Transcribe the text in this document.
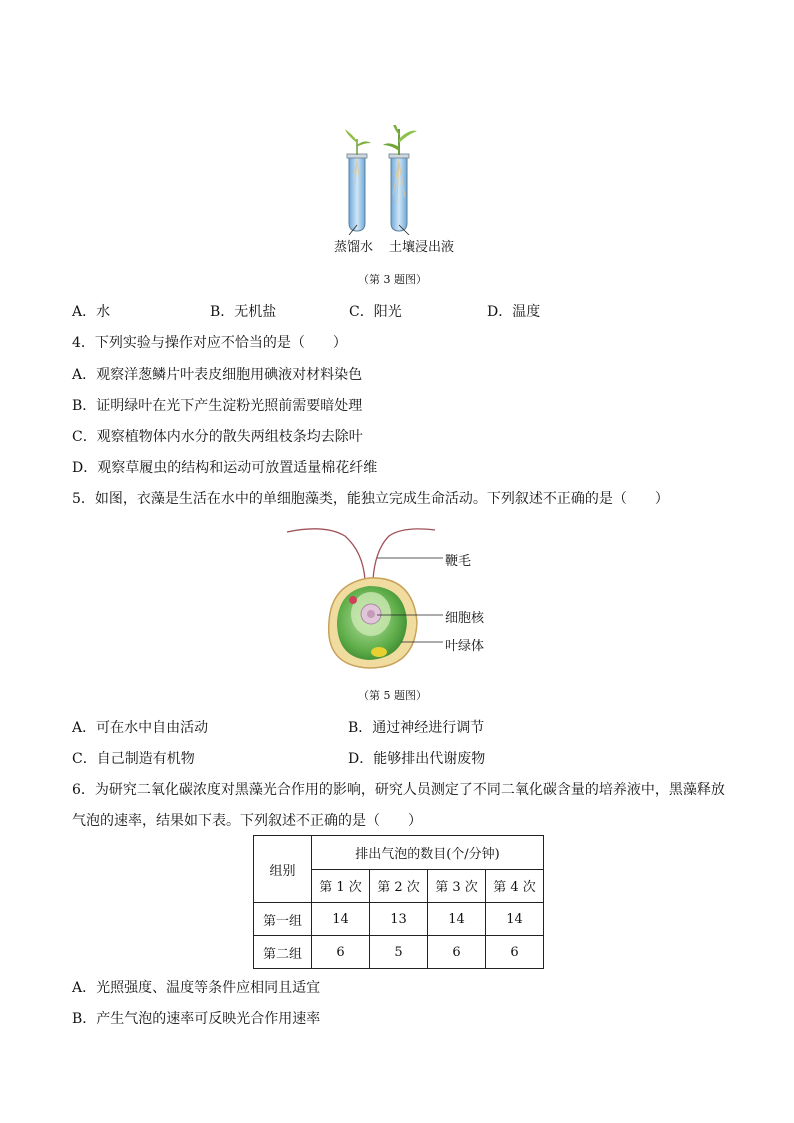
蒸馏水 土壤浸出液
（第 3 题图）
A．水	B．无机盐	C．阳光	D．温度
4．下列实验与操作对应不恰当的是（　　）
A．观察洋葱鳞片叶表皮细胞用碘液对材料染色
B．证明绿叶在光下产生淀粉光照前需要暗处理
C．观察植物体内水分的散失两组枝条均去除叶
D．观察草履虫的结构和运动可放置适量棉花纤维
5．如图，衣藻是生活在水中的单细胞藻类，能独立完成生命活动。下列叙述不正确的是（　　）
鞭毛
细胞核
叶绿体
（第 5 题图）
A．可在水中自由活动	B．通过神经进行调节
C．自己制造有机物	D．能够排出代谢废物
6．为研究二氧化碳浓度对黑藻光合作用的影响，研究人员测定了不同二氧化碳含量的培养液中，黑藻释放
气泡的速率，结果如下表。下列叙述不正确的是（　　）
组别	排出气泡的数目(个/分钟)			
	第 1 次	第 2 次	第 3 次	第 4 次
第一组	14	13	14	14
第二组	6	5	6	6
A．光照强度、温度等条件应相同且适宜
B．产生气泡的速率可反映光合作用速率
